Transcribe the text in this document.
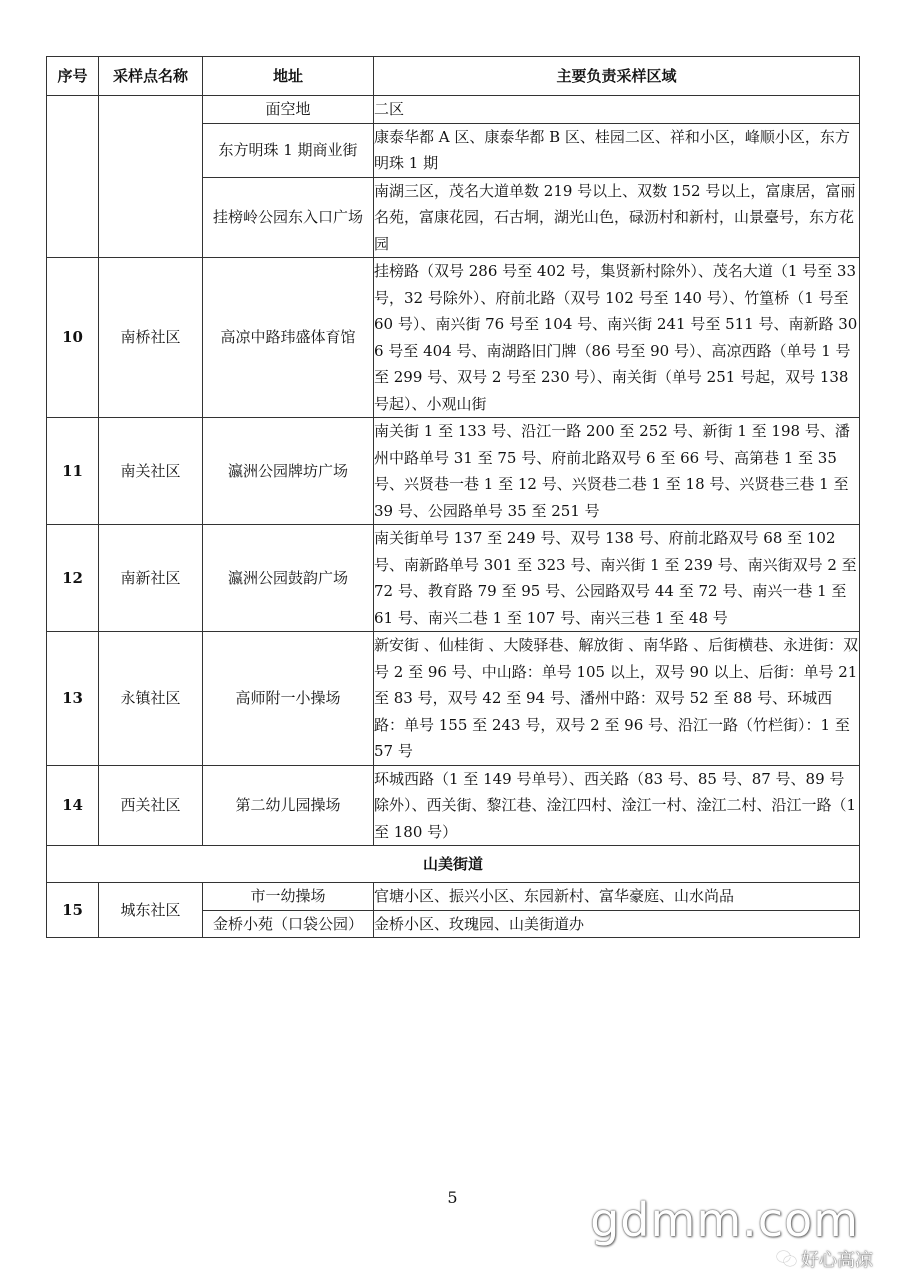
序号	采样点名称	地址	主要负责采样区域
		面空地	二区
		东方明珠 1 期商业街	康泰华都 A 区、康泰华都 B 区、桂园二区、祥和小区，峰顺小区，东方明珠 1 期
		挂榜岭公园东入口广场	南湖三区，茂名大道单数 219 号以上、双数 152 号以上，富康居，富丽名苑，富康花园，石古垌，湖光山色，碌沥村和新村，山景臺号，东方花园
10	南桥社区	高凉中路玮盛体育馆	挂榜路（双号 286 号至 402 号，集贤新村除外）、茂名大道（1 号至 33 号，32 号除外）、府前北路（双号 102 号至 140 号）、竹篁桥（1 号至 60 号）、南兴街 76 号至 104 号、南兴街 241 号至 511 号、南新路 306 号至 404 号、南湖路旧门牌（86 号至 90 号）、高凉西路（单号 1 号至 299 号、双号 2 号至 230 号）、南关街（单号 251 号起，双号 138 号起）、小观山街
11	南关社区	瀛洲公园牌坊广场	南关街 1 至 133 号、沿江一路 200 至 252 号、新街 1 至 198 号、潘州中路单号 31 至 75 号、府前北路双号 6 至 66 号、高第巷 1 至 35 号、兴贤巷一巷 1 至 12 号、兴贤巷二巷 1 至 18 号、兴贤巷三巷 1 至 39 号、公园路单号 35 至 251 号
12	南新社区	瀛洲公园鼓韵广场	南关街单号 137 至 249 号、双号 138 号、府前北路双号 68 至 102 号、南新路单号 301 至 323 号、南兴街 1 至 239 号、南兴街双号 2 至 72 号、教育路 79 至 95 号、公园路双号 44 至 72 号、南兴一巷 1 至 61 号、南兴二巷 1 至 107 号、南兴三巷 1 至 48 号
13	永镇社区	高师附一小操场	新安街 、仙桂街 、大陵驿巷、解放街 、南华路 、后街横巷、永进街：双号 2 至 96 号、中山路：单号 105 以上，双号 90 以上、后街：单号 21 至 83 号，双号 42 至 94 号、潘州中路：双号 52 至 88 号、环城西路：单号 155 至 243 号，双号 2 至 96 号、沿江一路（竹栏街）：1 至 57 号
14	西关社区	第二幼儿园操场	环城西路（1 至 149 号单号）、西关路（83 号、85 号、87 号、89 号除外）、西关街、黎江巷、淦江四村、淦江一村、淦江二村、沿江一路（1 至 180 号）
山美街道			
15	城东社区	市一幼操场	官塘小区、振兴小区、东园新村、富华豪庭、山水尚品
		金桥小苑（口袋公园）	金桥小区、玫瑰园、山美街道办
5	gdmm.com
好心高凉
